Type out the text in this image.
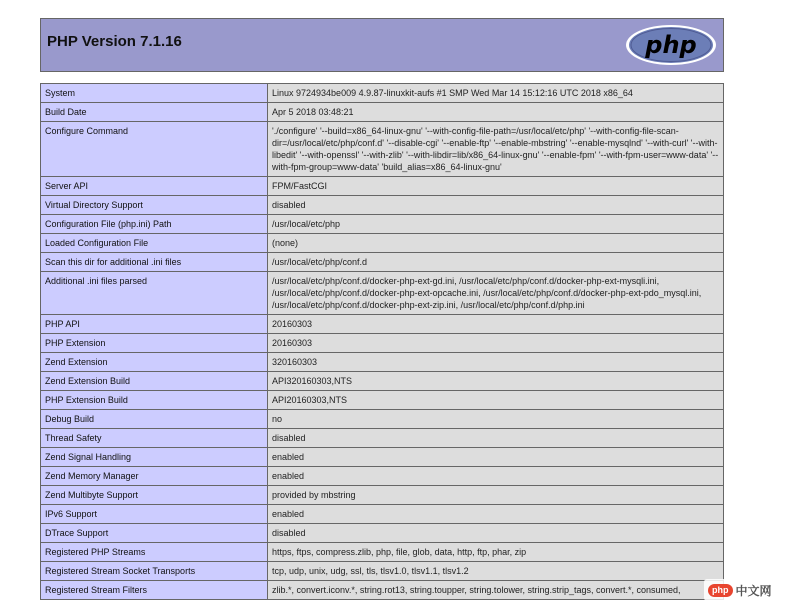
PHP Version 7.1.16	php
System	Linux 9724934be009 4.9.87-linuxkit-aufs #1 SMP Wed Mar 14 15:12:16 UTC 2018 x86_64
Build Date	Apr 5 2018 03:48:21
Configure Command	'./configure' '--build=x86_64-linux-gnu' '--with-config-file-path=/usr/local/etc/php' '--with-config-file-scan-dir=/usr/local/etc/php/conf.d' '--disable-cgi' '--enable-ftp' '--enable-mbstring' '--enable-mysqlnd' '--with-curl' '--with-libedit' '--with-openssl' '--with-zlib' '--with-libdir=lib/x86_64-linux-gnu' '--enable-fpm' '--with-fpm-user=www-data' '--with-fpm-group=www-data' 'build_alias=x86_64-linux-gnu'
Server API	FPM/FastCGI
Virtual Directory Support	disabled
Configuration File (php.ini) Path	/usr/local/etc/php
Loaded Configuration File	(none)
Scan this dir for additional .ini files	/usr/local/etc/php/conf.d
Additional .ini files parsed	/usr/local/etc/php/conf.d/docker-php-ext-gd.ini, /usr/local/etc/php/conf.d/docker-php-ext-mysqli.ini, /usr/local/etc/php/conf.d/docker-php-ext-opcache.ini, /usr/local/etc/php/conf.d/docker-php-ext-pdo_mysql.ini, /usr/local/etc/php/conf.d/docker-php-ext-zip.ini, /usr/local/etc/php/conf.d/php.ini
PHP API	20160303
PHP Extension	20160303
Zend Extension	320160303
Zend Extension Build	API320160303,NTS
PHP Extension Build	API20160303,NTS
Debug Build	no
Thread Safety	disabled
Zend Signal Handling	enabled
Zend Memory Manager	enabled
Zend Multibyte Support	provided by mbstring
IPv6 Support	enabled
DTrace Support	disabled
Registered PHP Streams	https, ftps, compress.zlib, php, file, glob, data, http, ftp, phar, zip
Registered Stream Socket Transports	tcp, udp, unix, udg, ssl, tls, tlsv1.0, tlsv1.1, tlsv1.2
Registered Stream Filters	zlib.*, convert.iconv.*, string.rot13, string.toupper, string.tolower, string.strip_tags, convert.*, consumed,	php 中文网
